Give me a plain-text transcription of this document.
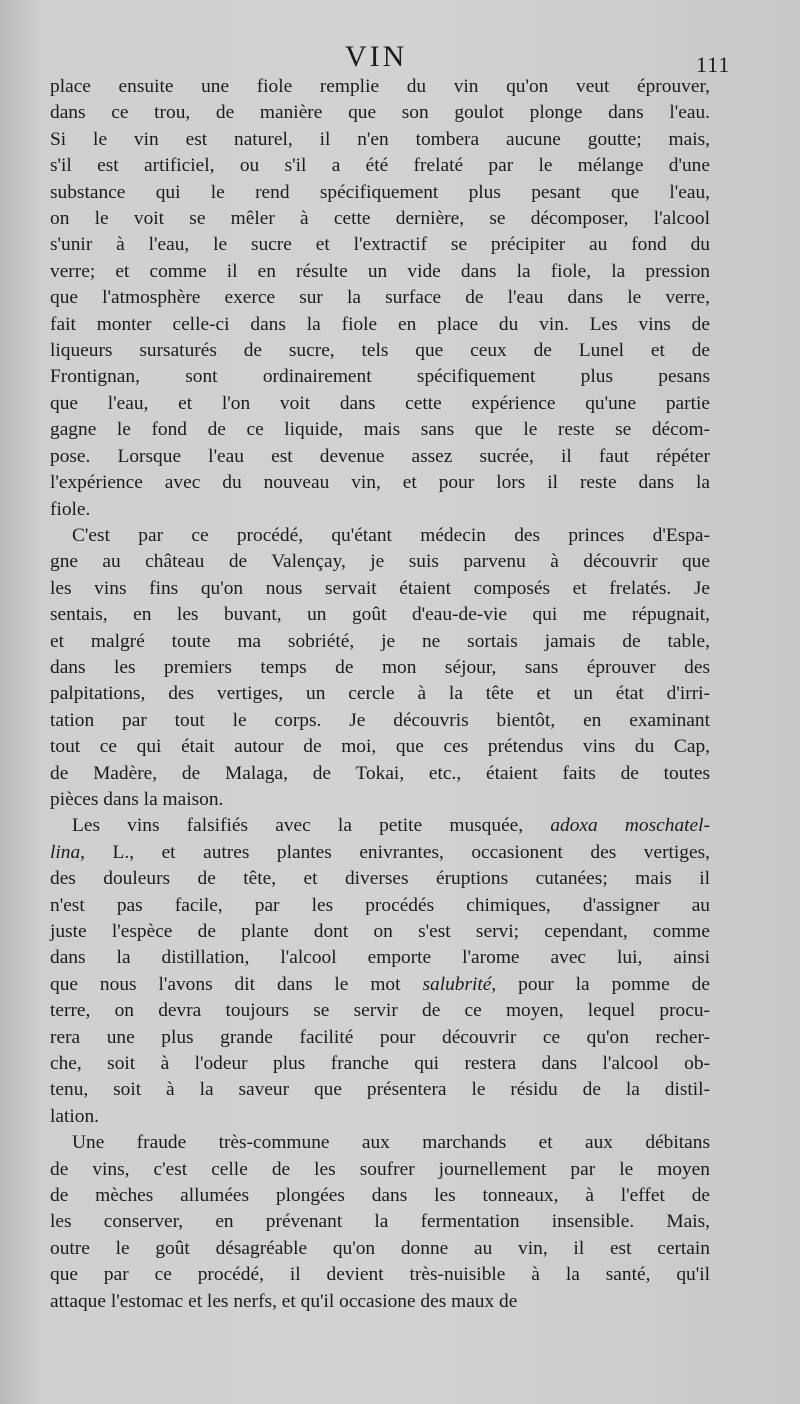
VIN	111
place ensuite une fiole remplie du vin qu'on veut éprouver,
dans ce trou, de manière que son goulot plonge dans l'eau.
Si le vin est naturel, il n'en tombera aucune goutte; mais,
s'il est artificiel, ou s'il a été frelaté par le mélange d'une
substance qui le rend spécifiquement plus pesant que l'eau,
on le voit se mêler à cette dernière, se décomposer, l'alcool
s'unir à l'eau, le sucre et l'extractif se précipiter au fond du
verre; et comme il en résulte un vide dans la fiole, la pression
que l'atmosphère exerce sur la surface de l'eau dans le verre,
fait monter celle-ci dans la fiole en place du vin. Les vins de
liqueurs sursaturés de sucre, tels que ceux de Lunel et de
Frontignan, sont ordinairement spécifiquement plus pesans
que l'eau, et l'on voit dans cette expérience qu'une partie
gagne le fond de ce liquide, mais sans que le reste se décom-
pose. Lorsque l'eau est devenue assez sucrée, il faut répéter
l'expérience avec du nouveau vin, et pour lors il reste dans la
fiole.
C'est par ce procédé, qu'étant médecin des princes d'Espa-
gne au château de Valençay, je suis parvenu à découvrir que
les vins fins qu'on nous servait étaient composés et frelatés. Je
sentais, en les buvant, un goût d'eau-de-vie qui me répugnait,
et malgré toute ma sobriété, je ne sortais jamais de table,
dans les premiers temps de mon séjour, sans éprouver des
palpitations, des vertiges, un cercle à la tête et un état d'irri-
tation par tout le corps. Je découvris bientôt, en examinant
tout ce qui était autour de moi, que ces prétendus vins du Cap,
de Madère, de Malaga, de Tokai, etc., étaient faits de toutes
pièces dans la maison.
Les vins falsifiés avec la petite musquée, adoxa moschatel-
lina, L., et autres plantes enivrantes, occasionent des vertiges,
des douleurs de tête, et diverses éruptions cutanées; mais il
n'est pas facile, par les procédés chimiques, d'assigner au
juste l'espèce de plante dont on s'est servi; cependant, comme
dans la distillation, l'alcool emporte l'arome avec lui, ainsi
que nous l'avons dit dans le mot salubrité, pour la pomme de
terre, on devra toujours se servir de ce moyen, lequel procu-
rera une plus grande facilité pour découvrir ce qu'on recher-
che, soit à l'odeur plus franche qui restera dans l'alcool ob-
tenu, soit à la saveur que présentera le résidu de la distil-
lation.
Une fraude très-commune aux marchands et aux débitans
de vins, c'est celle de les soufrer journellement par le moyen
de mèches allumées plongées dans les tonneaux, à l'effet de
les conserver, en prévenant la fermentation insensible. Mais,
outre le goût désagréable qu'on donne au vin, il est certain
que par ce procédé, il devient très-nuisible à la santé, qu'il
attaque l'estomac et les nerfs, et qu'il occasione des maux de
